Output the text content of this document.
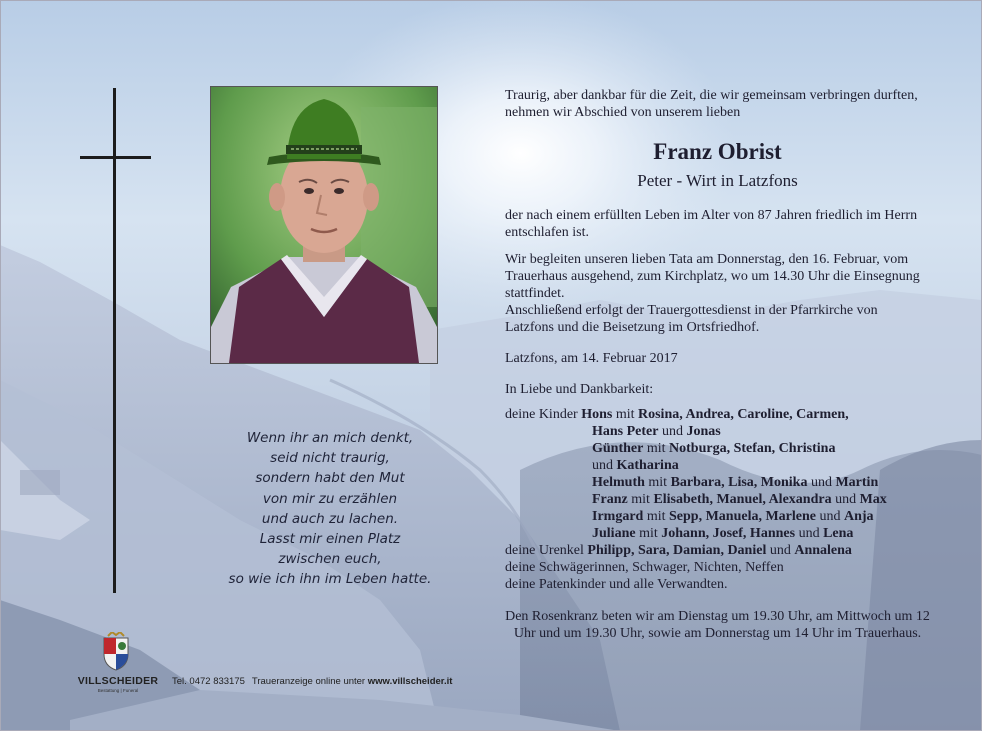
Wenn ihr an mich denkt,
seid nicht traurig,
sondern habt den Mut
von mir zu erzählen
und auch zu lachen.
Lasst mir einen Platz
zwischen euch,
so wie ich ihn im Leben hatte.

Traurig, aber dankbar für die Zeit, die wir gemeinsam verbringen durften, nehmen wir Abschied von unserem lieben

Franz Obrist

Peter - Wirt in Latzfons

der nach einem erfüllten Leben im Alter von 87 Jahren friedlich im Herrn entschlafen ist.

Wir begleiten unseren lieben Tata am Donnerstag, den 16. Februar, vom Trauerhaus ausgehend, zum Kirchplatz, wo um 14.30 Uhr die Einsegnung stattfindet.

Anschließend erfolgt der Trauergottesdienst in der Pfarrkirche von Latzfons und die Beisetzung im Ortsfriedhof.

Latzfons, am 14. Februar 2017

In Liebe und Dankbarkeit:

deine Kinder Hons mit Rosina, Andrea, Caroline, Carmen,

Hans Peter und Jonas

Günther mit Notburga, Stefan, Christina

und Katharina

Helmuth mit Barbara, Lisa, Monika und Martin

Franz mit Elisabeth, Manuel, Alexandra und Max

Irmgard mit Sepp, Manuela, Marlene und Anja

Juliane mit Johann, Josef, Hannes und Lena

deine Urenkel Philipp, Sara, Damian, Daniel und Annalena

deine Schwägerinnen, Schwager, Nichten, Neffen

deine Patenkinder und alle Verwandten.

Den Rosenkranz beten wir am Dienstag um 19.30 Uhr, am Mittwoch um 12 Uhr und um 19.30 Uhr, sowie am Donnerstag um 14 Uhr im Trauerhaus.

VILLSCHEIDER
Bestattung | Funeral
Tel. 0472 833175 Traueranzeige online unter www.villscheider.it
